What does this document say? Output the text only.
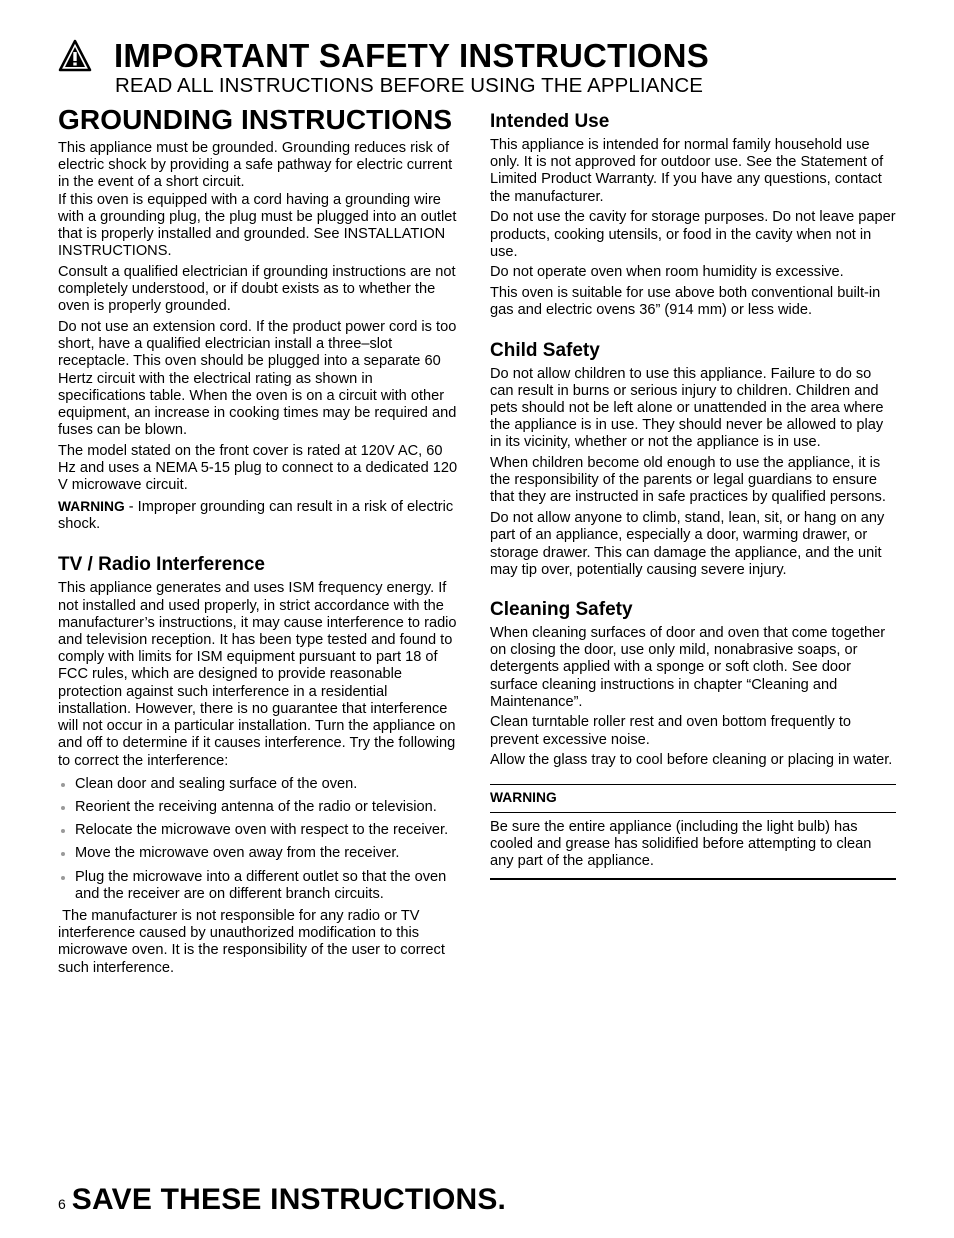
IMPORTANT SAFETY INSTRUCTIONS
READ ALL INSTRUCTIONS BEFORE USING THE APPLIANCE
GROUNDING INSTRUCTIONS
This appliance must be grounded. Grounding reduces risk of electric shock by providing a safe pathway for electric current in the event of a short circuit.
If this oven is equipped with a cord having a grounding wire with a grounding plug, the plug must be plugged into an outlet that is properly installed and grounded. See INSTALLATION INSTRUCTIONS.
Consult a qualified electrician if grounding instructions are not completely understood, or if doubt exists as to whether the oven is properly grounded.
Do not use an extension cord. If the product power cord is too short, have a qualified electrician install a three–slot receptacle. This oven should be plugged into a separate 60 Hertz circuit with the electrical rating as shown in specifications table. When the oven is on a circuit with other equipment, an increase in cooking times may be required and fuses can be blown.
The model stated on the front cover is rated at 120V AC, 60 Hz and uses a NEMA 5-15 plug to connect to a dedicated 120 V microwave circuit.
WARNING - Improper grounding can result in a risk of electric shock.
TV / Radio Interference
This appliance generates and uses ISM frequency energy. If not installed and used properly, in strict accordance with the manufacturer’s instructions, it may cause interference to radio and television reception. It has been type tested and found to comply with limits for ISM equipment pursuant to part 18 of FCC rules, which are designed to provide reasonable protection against such interference in a residential installation. However, there is no guarantee that interference will not occur in a particular installation. Turn the appliance on and off to determine if it causes interference. Try the following to correct the interference:
Clean door and sealing surface of the oven.
Reorient the receiving antenna of the radio or television.
Relocate the microwave oven with respect to the receiver.
Move the microwave oven away from the receiver.
Plug the microwave into a different outlet so that the oven and the receiver are on different branch circuits.
The manufacturer is not responsible for any radio or TV interference caused by unauthorized modification to this microwave oven. It is the responsibility of the user to correct such interference.
Intended Use
This appliance is intended for normal family household use only. It is not approved for outdoor use. See the Statement of Limited Product Warranty. If you have any questions, contact the manufacturer.
Do not use the cavity for storage purposes. Do not leave paper products, cooking utensils, or food in the cavity when not in use.
Do not operate oven when room humidity is excessive.
This oven is suitable for use above both conventional built-in gas and electric ovens 36” (914 mm) or less wide.
Child Safety
Do not allow children to use this appliance. Failure to do so can result in burns or serious injury to children. Children and pets should not be left alone or unattended in the area where the appliance is in use. They should never be allowed to play in its vicinity, whether or not the appliance is in use.
When children become old enough to use the appliance, it is the responsibility of the parents or legal guardians to ensure that they are instructed in safe practices by qualified persons.
Do not allow anyone to climb, stand, lean, sit, or hang on any part of an appliance, especially a door, warming drawer, or storage drawer. This can damage the appliance, and the unit may tip over, potentially causing severe injury.
Cleaning Safety
When cleaning surfaces of door and oven that come together on closing the door, use only mild, nonabrasive soaps, or detergents applied with a sponge or soft cloth. See door surface cleaning instructions in chapter “Cleaning and Maintenance”.
Clean turntable roller rest and oven bottom frequently to prevent excessive noise.
Allow the glass tray to cool before cleaning or placing in water.
WARNING
Be sure the entire appliance (including the light bulb) has cooled and grease has solidified before attempting to clean any part of the appliance.
6 SAVE THESE INSTRUCTIONS.
